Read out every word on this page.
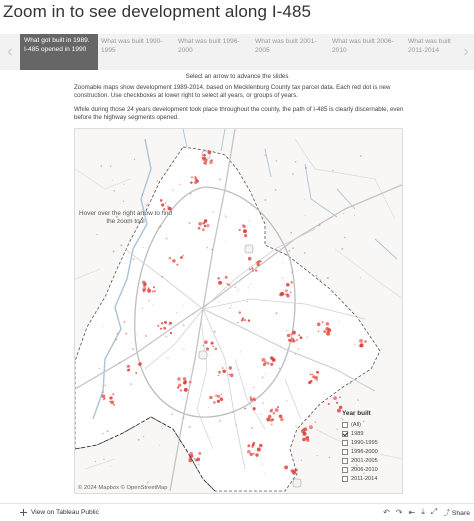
Zoom in to see development along I-485
‹
What got built in 1989. I-485 opened in 1990
What was built 1990-1995
What was built 1996-2000
What was built 2001-2005
What was built 2006-2010
What was built 2011-2014	›
Select an arrow to advance the slides
Zoomable maps show development 1989-2014, based on Mecklenburg County tax parcel data. Each red dot is new construction. Use checkboxes at lower right to select all years, or groups of years.
While during those 24 years development took place throughout the county, the path of I-485 is clearly discernable, even before the highway segments opened.
Hover over the right arrow to find the zoom tool
© 2024 Mapbox © OpenStreetMap
Year built
(All)
1989
1990-1995
1996-2000
2001-2005
2006-2010
2011-2014
View on Tableau Public	↶ ↷ ⇤ ⤓ ⤢ ⤴ Share
